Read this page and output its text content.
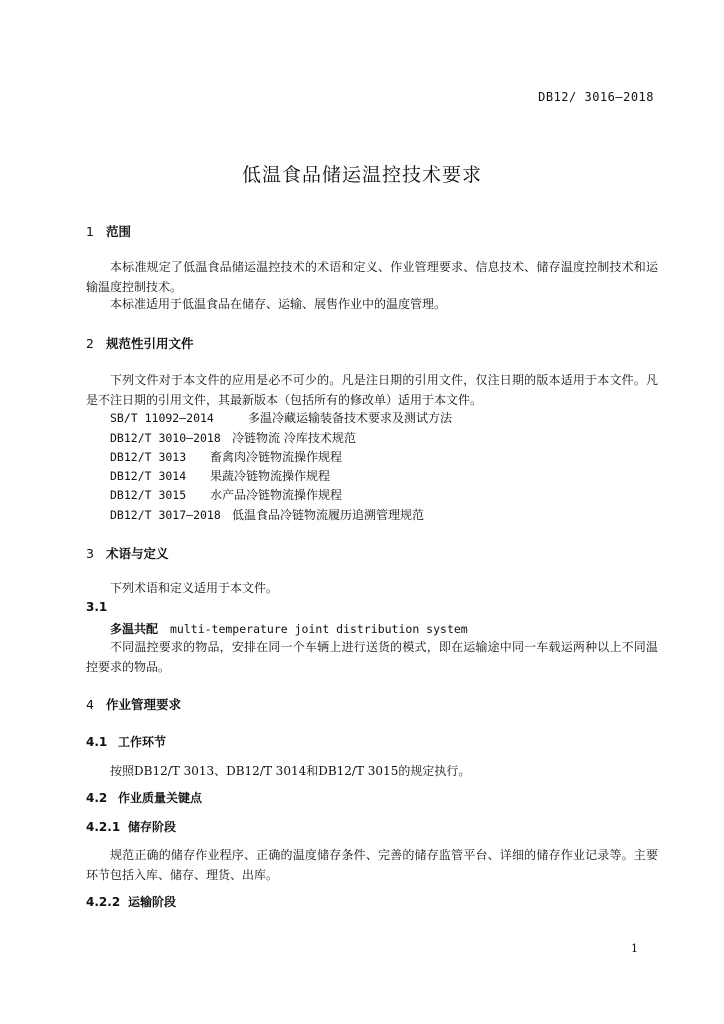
DB12/ 3016—2018
低温食品储运温控技术要求
1 范围
本标准规定了低温食品储运温控技术的术语和定义、作业管理要求、信息技术、储存温度控制技术和运输温度控制技术。
本标准适用于低温食品在储存、运输、展售作业中的温度管理。
2 规范性引用文件
下列文件对于本文件的应用是必不可少的。凡是注日期的引用文件，仅注日期的版本适用于本文件。凡是不注日期的引用文件，其最新版本（包括所有的修改单）适用于本文件。
SB/T 11092—2014	多温冷藏运输装备技术要求及测试方法
DB12/T 3010—2018 冷链物流 冷库技术规范
DB12/T 3013 畜禽肉冷链物流操作规程
DB12/T 3014 果蔬冷链物流操作规程
DB12/T 3015 水产品冷链物流操作规程
DB12/T 3017—2018 低温食品冷链物流履历追溯管理规范
3 术语与定义
下列术语和定义适用于本文件。
3.1
多温共配 multi-temperature joint distribution system
不同温控要求的物品，安排在同一个车辆上进行送货的模式，即在运输途中同一车载运两种以上不同温控要求的物品。
4 作业管理要求
4.1 工作环节
按照DB12/T 3013、DB12/T 3014和DB12/T 3015的规定执行。
4.2 作业质量关键点
4.2.1 储存阶段
规范正确的储存作业程序、正确的温度储存条件、完善的储存监管平台、详细的储存作业记录等。主要环节包括入库、储存、理货、出库。
4.2.2 运输阶段
1
